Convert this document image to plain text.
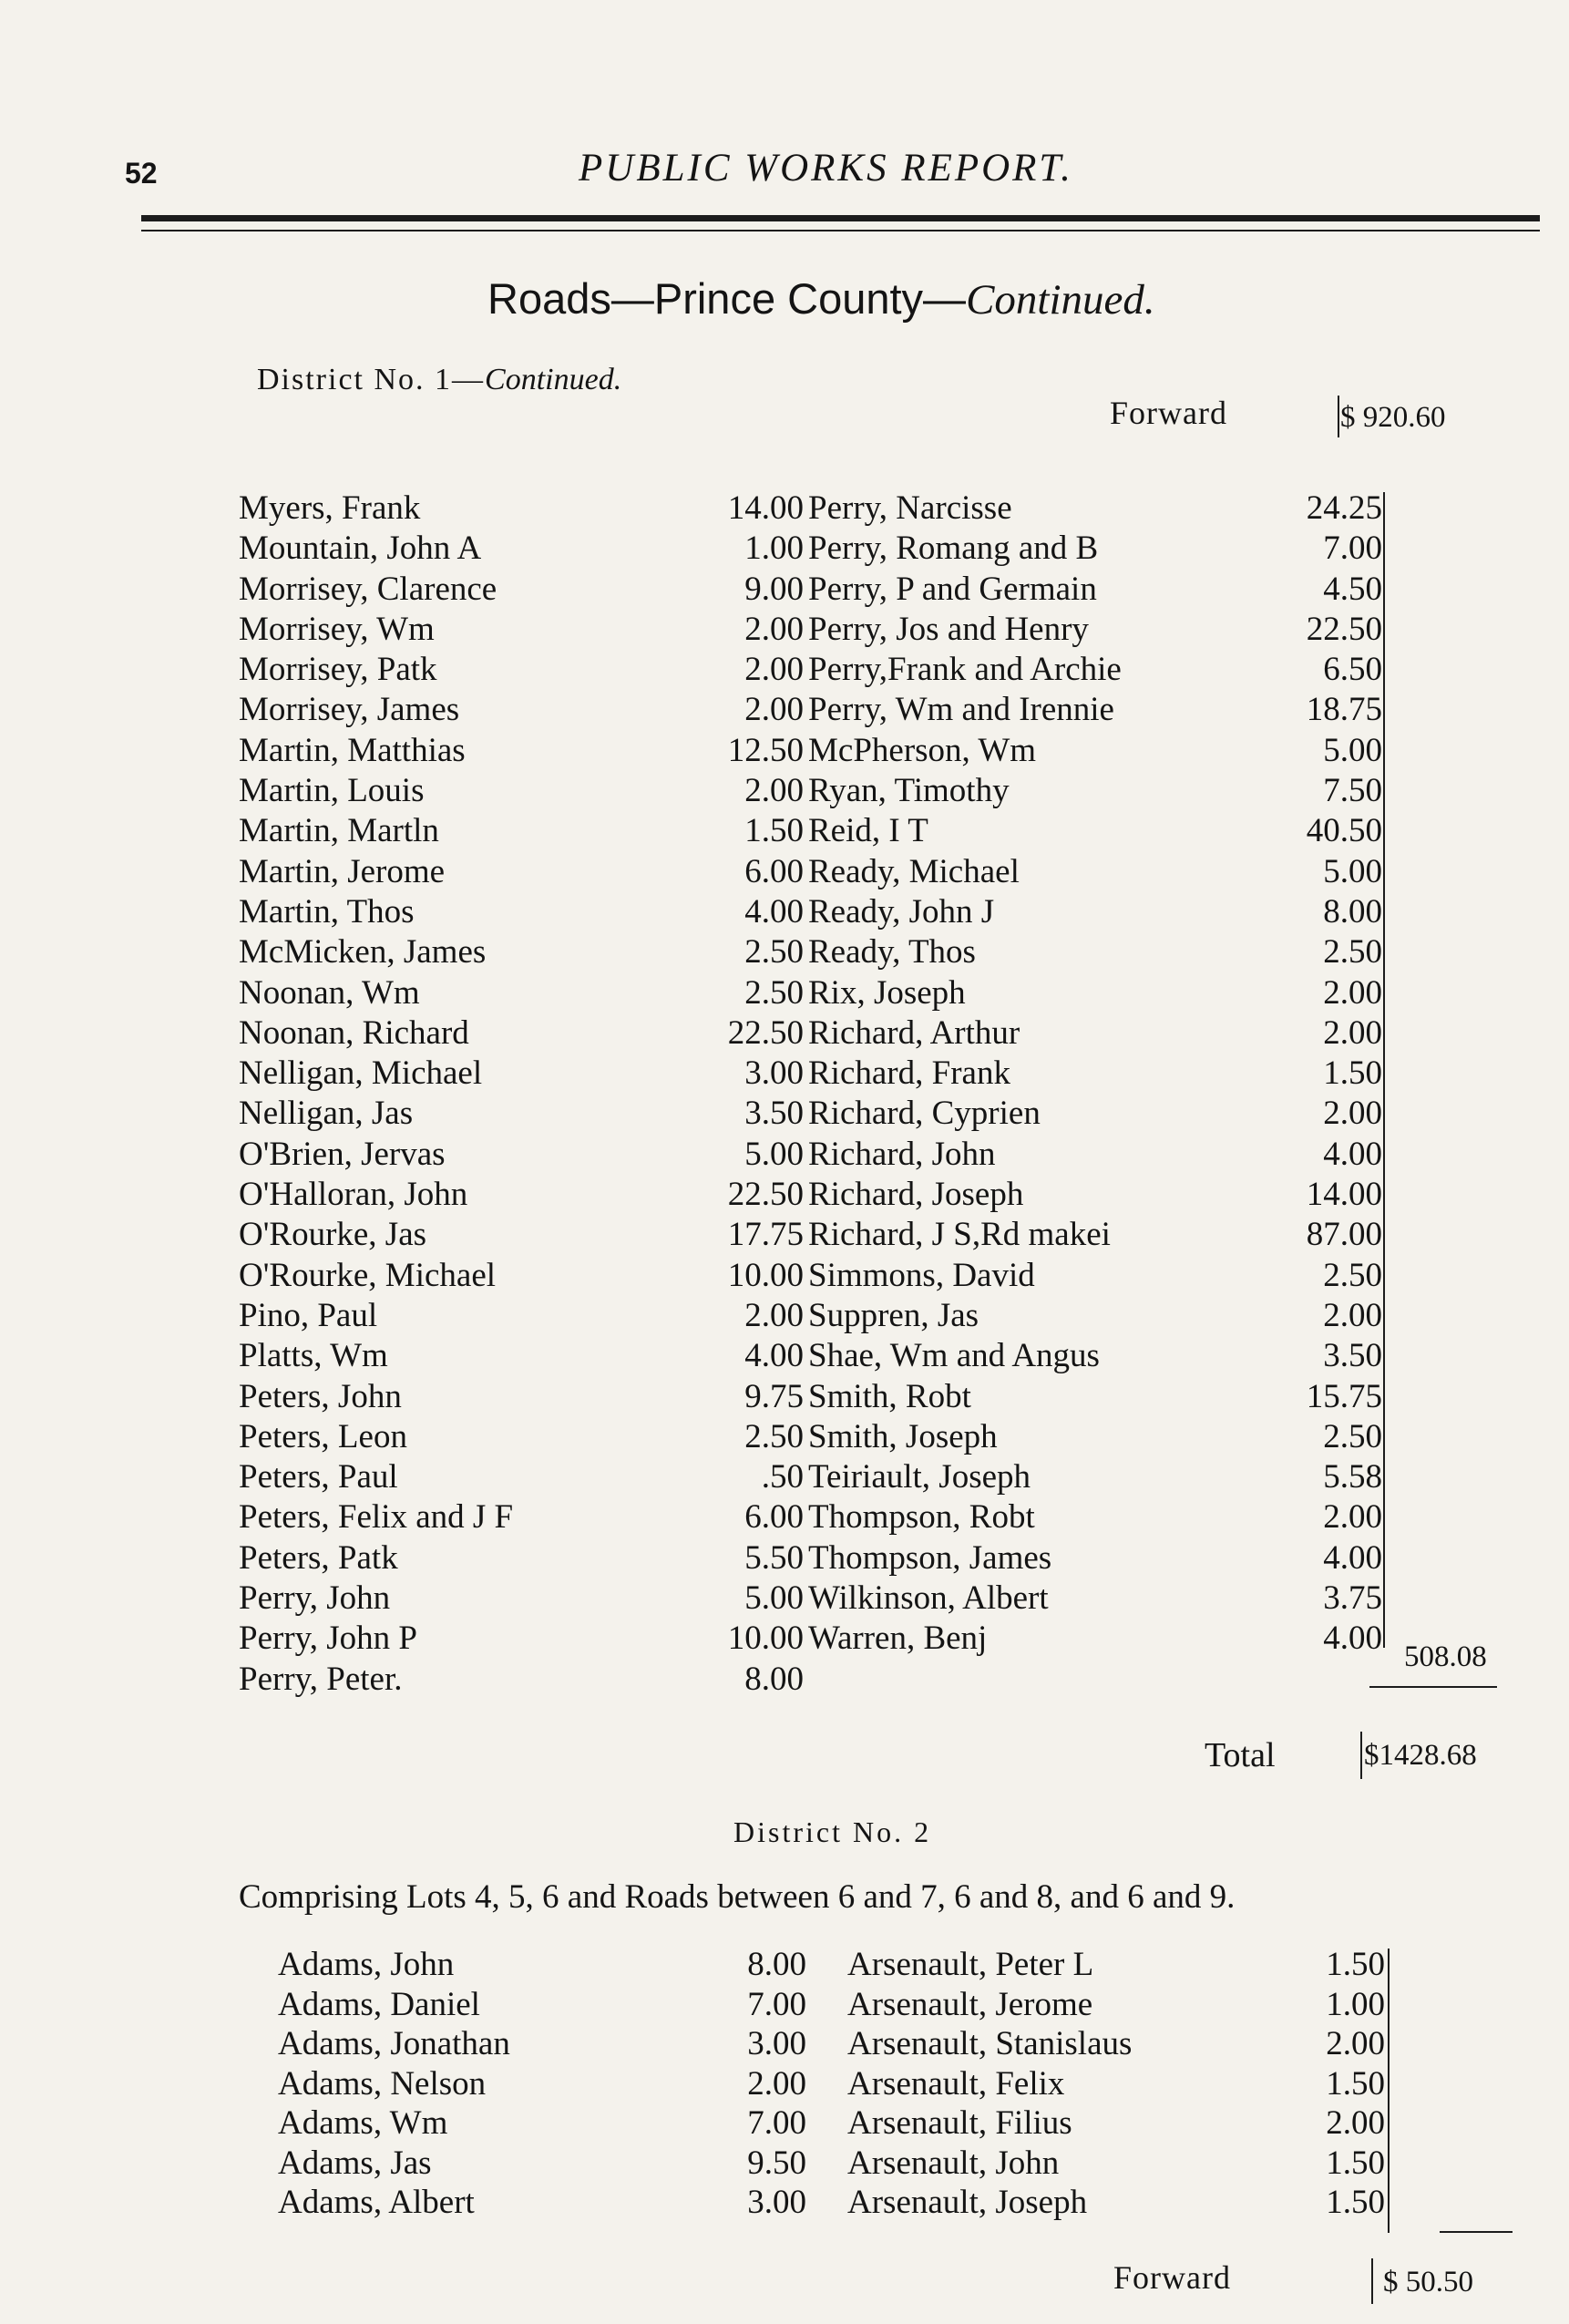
52	PUBLIC WORKS REPORT.
Roads—Prince County—Continued.
District No. 1—Continued.
Forward	$ 920.60
Myers, Frank	14.00 Perry, Narcisse	24.25
Mountain, John A	1.00 Perry, Romang and B	7.00
Morrisey, Clarence	9.00 Perry, P and Germain	4.50
Morrisey, Wm	2.00 Perry, Jos and Henry	22.50
Morrisey, Patk	2.00 Perry,Frank and Archie	6.50
Morrisey, James	2.00 Perry, Wm and Irennie	18.75
Martin, Matthias	12.50 McPherson, Wm	5.00
Martin, Louis	2.00 Ryan, Timothy	7.50
Martin, Martln	1.50 Reid, I T	40.50
Martin, Jerome	6.00 Ready, Michael	5.00
Martin, Thos	4.00 Ready, John J	8.00
McMicken, James	2.50 Ready, Thos	2.50
Noonan, Wm	2.50 Rix, Joseph	2.00
Noonan, Richard	22.50 Richard, Arthur	2.00
Nelligan, Michael	3.00 Richard, Frank	1.50
Nelligan, Jas	3.50 Richard, Cyprien	2.00
O'Brien, Jervas	5.00 Richard, John	4.00
O'Halloran, John	22.50 Richard, Joseph	14.00
O'Rourke, Jas	17.75 Richard, J S,Rd makei	87.00
O'Rourke, Michael	10.00 Simmons, David	2.50
Pino, Paul	2.00 Suppren, Jas	2.00
Platts, Wm	4.00 Shae, Wm and Angus	3.50
Peters, John	9.75 Smith, Robt	15.75
Peters, Leon	2.50 Smith, Joseph	2.50
Peters, Paul	.50 Teiriault, Joseph	5.58
Peters, Felix and J F	6.00 Thompson, Robt	2.00
Peters, Patk	5.50 Thompson, James	4.00
Perry, John	5.00 Wilkinson, Albert	3.75
Perry, John P	10.00 Warren, Benj	4.00
Perry, Peter.	8.00
508.08
Total	$1428.68
District No. 2
Comprising Lots 4, 5, 6 and Roads between 6 and 7, 6 and 8, and 6 and 9.
Adams, John	8.00 Arsenault, Peter L	1.50
Adams, Daniel	7.00 Arsenault, Jerome	1.00
Adams, Jonathan	3.00 Arsenault, Stanislaus	2.00
Adams, Nelson	2.00 Arsenault, Felix	1.50
Adams, Wm	7.00 Arsenault, Filius	2.00
Adams, Jas	9.50 Arsenault, John	1.50
Adams, Albert	3.00 Arsenault, Joseph	1.50
Forward	$ 50.50
